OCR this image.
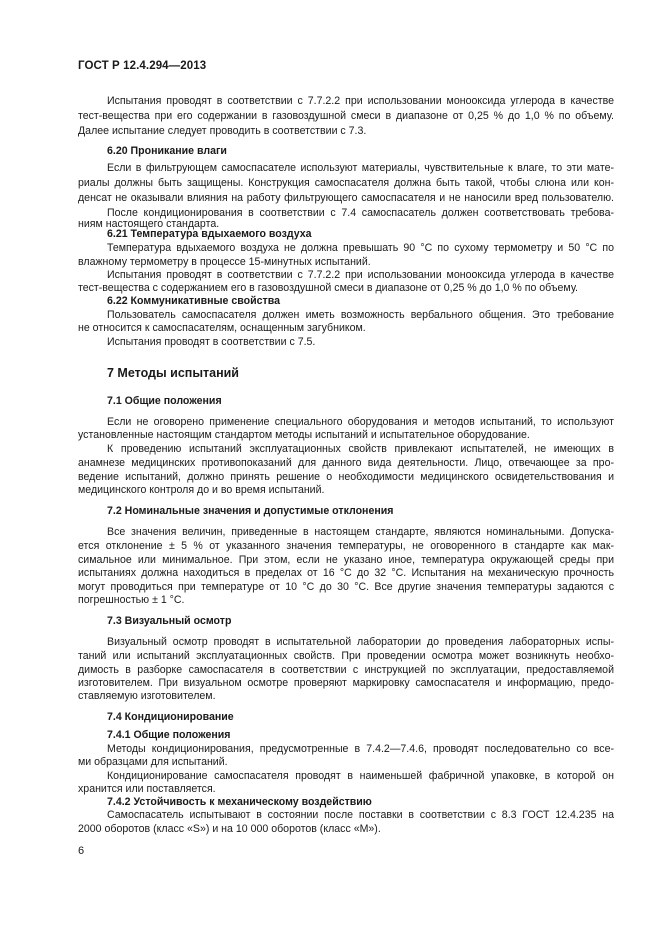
ГОСТ Р 12.4.294—2013
Испытания проводят в соответствии с 7.7.2.2 при использовании монооксида углерода в качестве
тест-вещества при его содержании в газовоздушной смеси в диапазоне от 0,25 % до 1,0 % по объему.
Далее испытание следует проводить в соответствии с 7.3.
6.20 Проникание влаги
Если в фильтрующем самоспасателе используют материалы, чувствительные к влаге, то эти мате-
риалы должны быть защищены. Конструкция самоспасателя должна быть такой, чтобы слюна или кон-
денсат не оказывали влияния на работу фильтрующего самоспасателя и не наносили вред пользователю.
После кондиционирования в соответствии с 7.4 самоспасатель должен соответствовать требова-
ниям настоящего стандарта.
6.21 Температура вдыхаемого воздуха
Температура вдыхаемого воздуха не должна превышать 90 °С по сухому термометру и 50 °С по
влажному термометру в процессе 15-минутных испытаний.
Испытания проводят в соответствии с 7.7.2.2 при использовании монооксида углерода в качестве
тест-вещества с содержанием его в газовоздушной смеси в диапазоне от 0,25 % до 1,0 % по объему.
6.22 Коммуникативные свойства
Пользователь самоспасателя должен иметь возможность вербального общения. Это требование
не относится к самоспасателям, оснащенным загубником.
Испытания проводят в соответствии с 7.5.
7 Методы испытаний
7.1 Общие положения
Если не оговорено применение специального оборудования и методов испытаний, то используют
установленные настоящим стандартом методы испытаний и испытательное оборудование.
К проведению испытаний эксплуатационных свойств привлекают испытателей, не имеющих в
анамнезе медицинских противопоказаний для данного вида деятельности. Лицо, отвечающее за про-
ведение испытаний, должно принять решение о необходимости медицинского освидетельствования и
медицинского контроля до и во время испытаний.
7.2 Номинальные значения и допустимые отклонения
Все значения величин, приведенные в настоящем стандарте, являются номинальными. Допуска-
ется отклонение ± 5 % от указанного значения температуры, не оговоренного в стандарте как мак-
симальное или минимальное. При этом, если не указано иное, температура окружающей среды при
испытаниях должна находиться в пределах от 16 °С до 32 °С. Испытания на механическую прочность
могут проводиться при температуре от 10 °С до 30 °С. Все другие значения температуры задаются с
погрешностью ± 1 °С.
7.3 Визуальный осмотр
Визуальный осмотр проводят в испытательной лаборатории до проведения лабораторных испы-
таний или испытаний эксплуатационных свойств. При проведении осмотра может возникнуть необхо-
димость в разборке самоспасателя в соответствии с инструкцией по эксплуатации, предоставляемой
изготовителем. При визуальном осмотре проверяют маркировку самоспасателя и информацию, предо-
ставляемую изготовителем.
7.4 Кондиционирование
7.4.1 Общие положения
Методы кондиционирования, предусмотренные в 7.4.2—7.4.6, проводят последовательно со все-
ми образцами для испытаний.
Кондиционирование самоспасателя проводят в наименьшей фабричной упаковке, в которой он
хранится или поставляется.
7.4.2 Устойчивость к механическому воздействию
Самоспасатель испытывают в состоянии после поставки в соответствии с 8.3 ГОСТ 12.4.235 на
2000 оборотов (класс «S») и на 10 000 оборотов (класс «М»).
6
